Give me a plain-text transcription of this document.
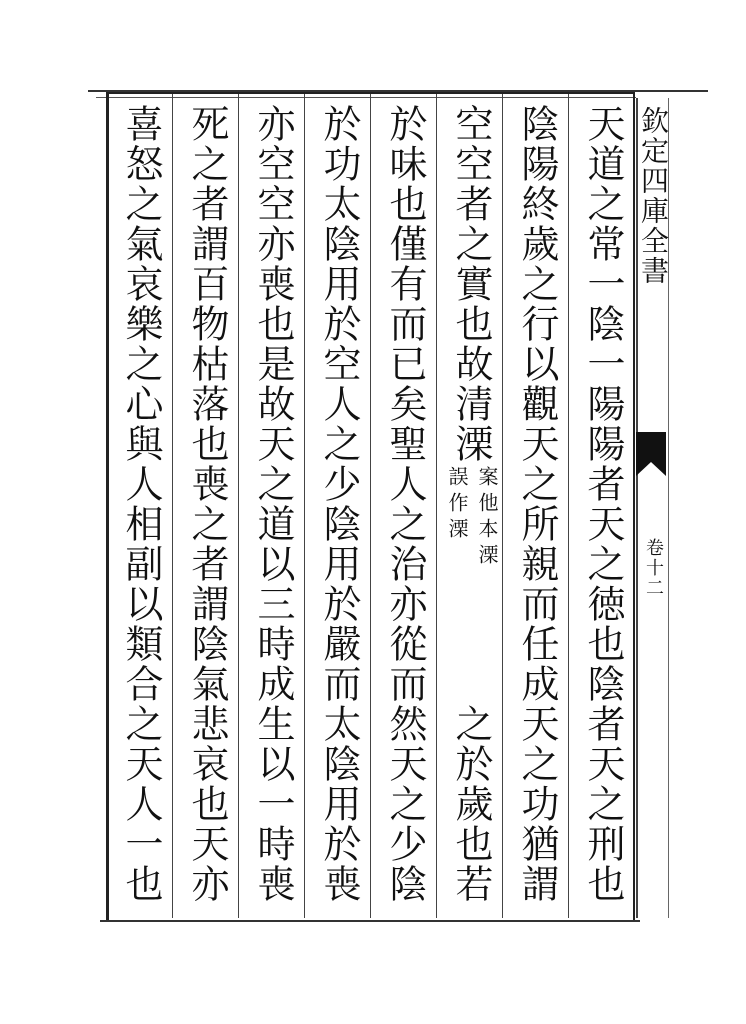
天道之常一陰一陽陽者天之徳也陰者天之刑也
陰陽終歲之行以觀天之所親而任成天之功猶謂
空空者之實也故清溧
案他本溧
誤作溧
之於歲也若
於味也僅有而已矣聖人之治亦從而然天之少陰
於功太陰用於空人之少陰用於嚴而太陰用於喪
亦空空亦喪也是故天之道以三時成生以一時喪
死之者謂百物枯落也喪之者謂陰氣悲哀也天亦
喜怒之氣哀樂之心與人相副以類合之天人一也
欽定四庫全書
卷十二
